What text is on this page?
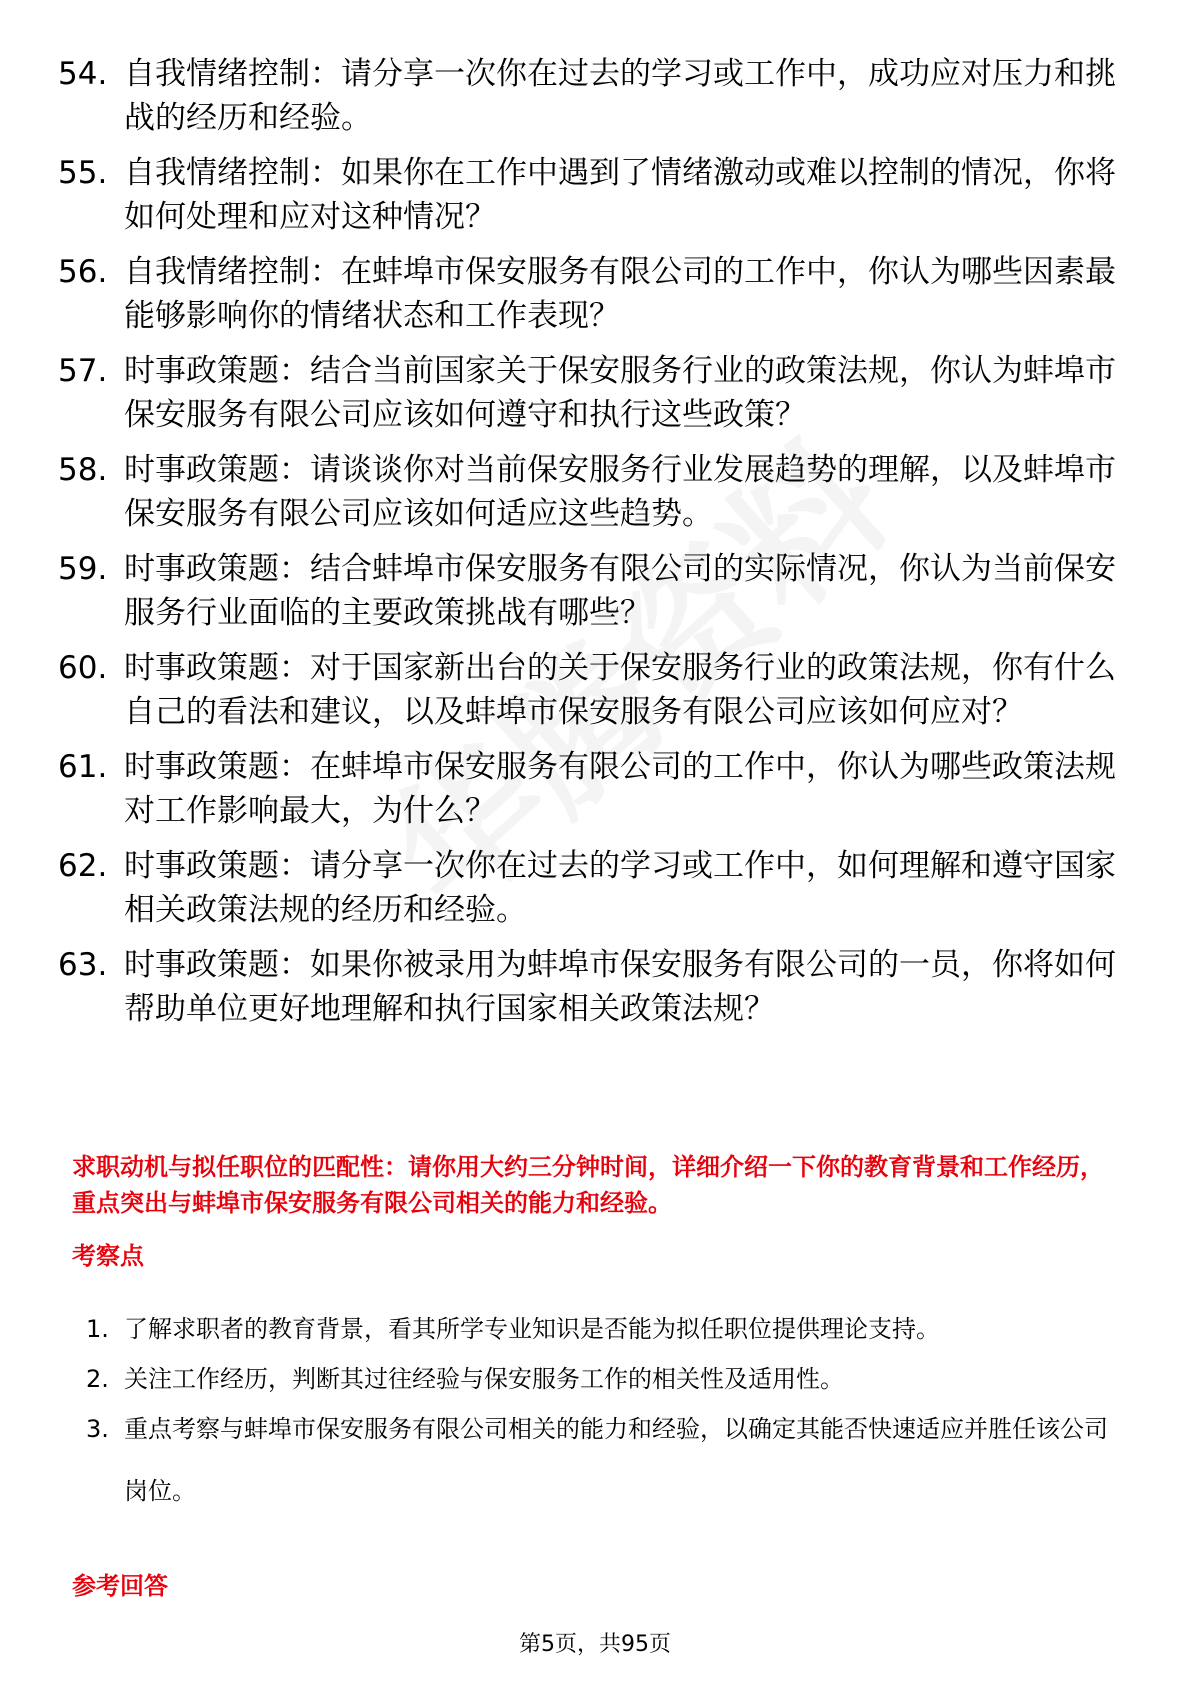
54. 自我情绪控制：请分享一次你在过去的学习或工作中，成功应对压力和挑战的经历和经验。
55. 自我情绪控制：如果你在工作中遇到了情绪激动或难以控制的情况，你将如何处理和应对这种情况？
56. 自我情绪控制：在蚌埠市保安服务有限公司的工作中，你认为哪些因素最能够影响你的情绪状态和工作表现？
57. 时事政策题：结合当前国家关于保安服务行业的政策法规，你认为蚌埠市保安服务有限公司应该如何遵守和执行这些政策？
58. 时事政策题：请谈谈你对当前保安服务行业发展趋势的理解，以及蚌埠市保安服务有限公司应该如何适应这些趋势。
59. 时事政策题：结合蚌埠市保安服务有限公司的实际情况，你认为当前保安服务行业面临的主要政策挑战有哪些？
60. 时事政策题：对于国家新出台的关于保安服务行业的政策法规，你有什么自己的看法和建议，以及蚌埠市保安服务有限公司应该如何应对？
61. 时事政策题：在蚌埠市保安服务有限公司的工作中，你认为哪些政策法规对工作影响最大，为什么？
62. 时事政策题：请分享一次你在过去的学习或工作中，如何理解和遵守国家相关政策法规的经历和经验。
63. 时事政策题：如果你被录用为蚌埠市保安服务有限公司的一员，你将如何帮助单位更好地理解和执行国家相关政策法规？
求职动机与拟任职位的匹配性：请你用大约三分钟时间，详细介绍一下你的教育背景和工作经历，重点突出与蚌埠市保安服务有限公司相关的能力和经验。
考察点
1. 了解求职者的教育背景，看其所学专业知识是否能为拟任职位提供理论支持。
2. 关注工作经历，判断其过往经验与保安服务工作的相关性及适用性。
3. 重点考察与蚌埠市保安服务有限公司相关的能力和经验，以确定其能否快速适应并胜任该公司岗位。
参考回答
第5页，共95页
